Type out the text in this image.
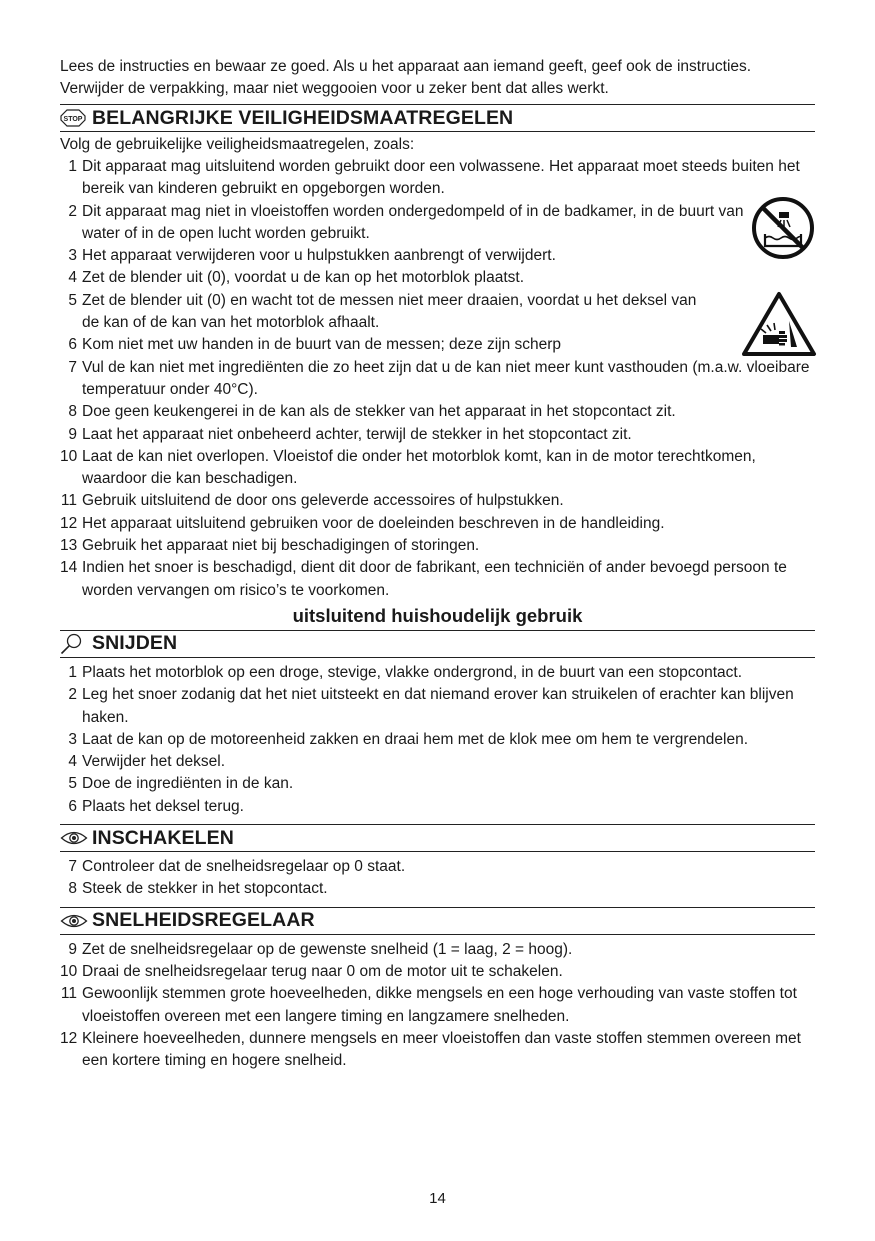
Lees de instructies en bewaar ze goed. Als u het apparaat aan iemand geeft, geef ook de instructies. Verwijder de verpakking, maar niet weggooien voor u zeker bent dat alles werkt.

STOP BELANGRIJKE VEILIGHEIDSMAATREGELEN
Volg de gebruikelijke veiligheidsmaatregelen, zoals:
1 Dit apparaat mag uitsluitend worden gebruikt door een volwassene. Het apparaat moet steeds buiten het bereik van kinderen gebruikt en opgeborgen worden.
2 Dit apparaat mag niet in vloeistoffen worden ondergedompeld of in de badkamer, in de buurt van water of in de open lucht worden gebruikt.
3 Het apparaat verwijderen voor u hulpstukken aanbrengt of verwijdert.
4 Zet de blender uit (0), voordat u de kan op het motorblok plaatst.
5 Zet de blender uit (0) en wacht tot de messen niet meer draaien, voordat u het deksel van de kan of de kan van het motorblok afhaalt.
6 Kom niet met uw handen in de buurt van de messen; deze zijn scherp
7 Vul de kan niet met ingrediënten die zo heet zijn dat u de kan niet meer kunt vasthouden (m.a.w. vloeibare temperatuur onder 40°C).
8 Doe geen keukengerei in de kan als de stekker van het apparaat in het stopcontact zit.
9 Laat het apparaat niet onbeheerd achter, terwijl de stekker in het stopcontact zit.
10 Laat de kan niet overlopen. Vloeistof die onder het motorblok komt, kan in de motor terechtkomen, waardoor die kan beschadigen.
11 Gebruik uitsluitend de door ons geleverde accessoires of hulpstukken.
12 Het apparaat uitsluitend gebruiken voor de doeleinden beschreven in de handleiding.
13 Gebruik het apparaat niet bij beschadigingen of storingen.
14 Indien het snoer is beschadigd, dient dit door de fabrikant, een techniciën of ander bevoegd persoon te worden vervangen om risico’s te voorkomen.
uitsluitend huishoudelijk gebruik
SNIJDEN
1 Plaats het motorblok op een droge, stevige, vlakke ondergrond, in de buurt van een stopcontact.
2 Leg het snoer zodanig dat het niet uitsteekt en dat niemand erover kan struikelen of erachter kan blijven haken.
3 Laat de kan op de motoreenheid zakken en draai hem met de klok mee om hem te vergrendelen.
4 Verwijder het deksel.
5 Doe de ingrediënten in de kan.
6 Plaats het deksel terug.
INSCHAKELEN
7 Controleer dat de snelheidsregelaar op 0 staat.
8 Steek de stekker in het stopcontact.
SNELHEIDSREGELAAR
9 Zet de snelheidsregelaar op de gewenste snelheid (1 = laag, 2 = hoog).
10 Draai de snelheidsregelaar terug naar 0 om de motor uit te schakelen.
11 Gewoonlijk stemmen grote hoeveelheden, dikke mengsels en een hoge verhouding van vaste stoffen tot vloeistoffen overeen met een langere timing en langzamere snelheden.
12 Kleinere hoeveelheden, dunnere mengsels en meer vloeistoffen dan vaste stoffen stemmen overeen met een kortere timing en hogere snelheid.
14
